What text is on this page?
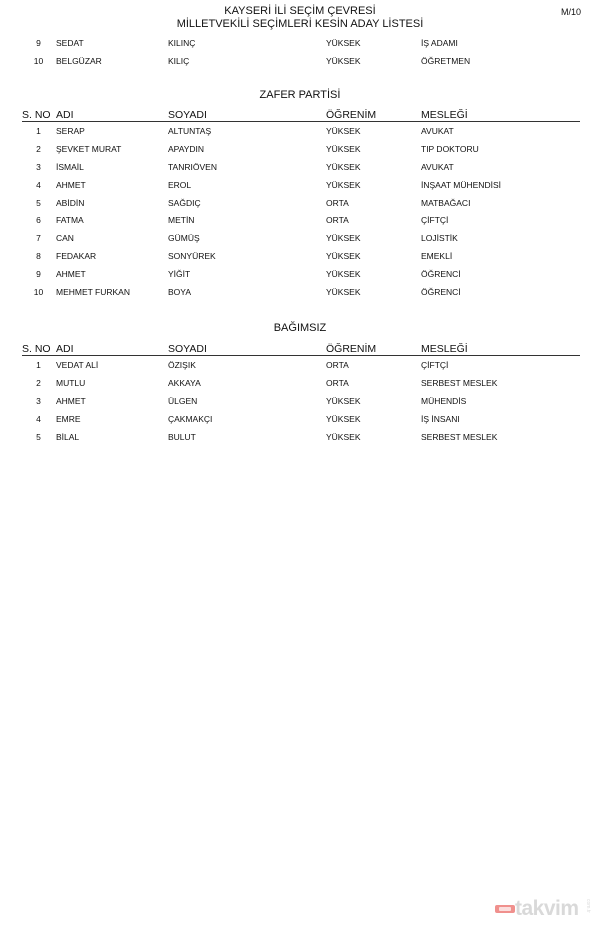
KAYSERİ İLİ SEÇİM ÇEVRESİ
MİLLETVEKİLİ SEÇİMLERİ KESİN ADAY LİSTESİ
M/10
9	SEDAT	KILINÇ	YÜKSEK	İŞ ADAMI
10	BELGÜZAR	KILIÇ	YÜKSEK	ÖĞRETMEN
ZAFER PARTİSİ
S. NO	ADI	SOYADI	ÖĞRENİM	MESLEĞİ
1	SERAP	ALTUNTAŞ	YÜKSEK	AVUKAT
2	ŞEVKET MURAT	APAYDIN	YÜKSEK	TIP DOKTORU
3	İSMAİL	TANRIÖVEN	YÜKSEK	AVUKAT
4	AHMET	EROL	YÜKSEK	İNŞAAT MÜHENDİSİ
5	ABİDİN	SAĞDIÇ	ORTA	MATBAĞACI
6	FATMA	METİN	ORTA	ÇİFTÇİ
7	CAN	GÜMÜŞ	YÜKSEK	LOJİSTİK
8	FEDAKAR	SONYÜREK	YÜKSEK	EMEKLİ
9	AHMET	YİĞİT	YÜKSEK	ÖĞRENCİ
10	MEHMET FURKAN	BOYA	YÜKSEK	ÖĞRENCİ
BAĞIMSIZ
S. NO	ADI	SOYADI	ÖĞRENİM	MESLEĞİ
1	VEDAT ALİ	ÖZIŞIK	ORTA	ÇİFTÇİ
2	MUTLU	AKKAYA	ORTA	SERBEST MESLEK
3	AHMET	ÜLGEN	YÜKSEK	MÜHENDİS
4	EMRE	ÇAKMAKÇI	YÜKSEK	İŞ İNSANI
5	BİLAL	BULUT	YÜKSEK	SERBEST MESLEK
takvim com.tr
